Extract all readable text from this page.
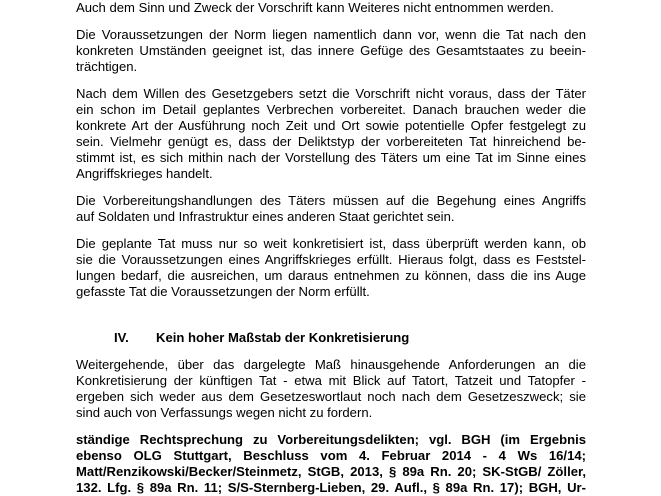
Auch dem Sinn und Zweck der Vorschrift kann Weiteres nicht entnommen werden.
Die Voraussetzungen der Norm liegen namentlich dann vor, wenn die Tat nach den
konkreten Umständen geeignet ist, das innere Gefüge des Gesamtstaates zu beein-
trächtigen.
Nach dem Willen des Gesetzgebers setzt die Vorschrift nicht voraus, dass der Täter
ein schon im Detail geplantes Verbrechen vorbereitet. Danach brauchen weder die
konkrete Art der Ausführung noch Zeit und Ort sowie potentielle Opfer festgelegt zu
sein. Vielmehr genügt es, dass der Deliktstyp der vorbereiteten Tat hinreichend be-
stimmt ist, es sich mithin nach der Vorstellung des Täters um eine Tat im Sinne eines
Angriffskrieges handelt.
Die Vorbereitungshandlungen des Täters müssen auf die Begehung eines Angriffs
auf Soldaten und Infrastruktur eines anderen Staat gerichtet sein.
Die geplante Tat muss nur so weit konkretisiert ist, dass überprüft werden kann, ob
sie die Voraussetzungen eines Angriffskrieges erfüllt. Hieraus folgt, dass es Feststel-
lungen bedarf, die ausreichen, um daraus entnehmen zu können, dass die ins Auge
gefasste Tat die Voraussetzungen der Norm erfüllt.
IV. Kein hoher Maßstab der Konkretisierung
Weitergehende, über das dargelegte Maß hinausgehende Anforderungen an die
Konkretisierung der künftigen Tat - etwa mit Blick auf Tatort, Tatzeit und Tatopfer -
ergeben sich weder aus dem Gesetzeswortlaut noch nach dem Gesetzeszweck; sie
sind auch von Verfassungs wegen nicht zu fordern.
ständige Rechtsprechung zu Vorbereitungsdelikten; vgl. BGH (im Ergebnis
ebenso OLG Stuttgart, Beschluss vom 4. Februar 2014 - 4 Ws 16/14;
Matt/Renzikowski/Becker/Steinmetz, StGB, 2013, § 89a Rn. 20; SK-StGB/ Zöller,
132. Lfg. § 89a Rn. 11; S/S-Sternberg-Lieben, 29. Aufl., § 89a Rn. 17); BGH, Ur-
